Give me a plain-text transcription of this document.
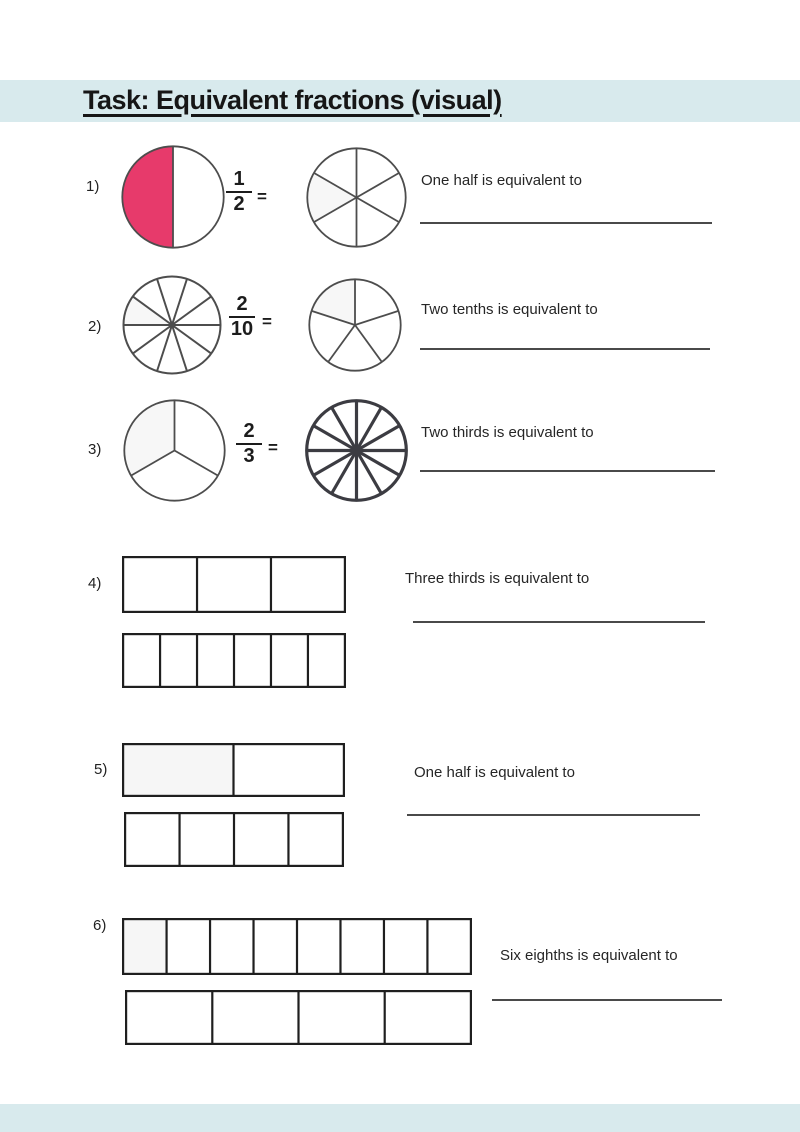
Task: Equivalent fractions (visual)
1)	1
2 =
One half is equivalent to
2)
2
10 =
Two tenths is equivalent to
3)
2
3 =
Two thirds is equivalent to
4)	Three thirds is equivalent to
5)	One half is equivalent to
6)
Six eighths is equivalent to
